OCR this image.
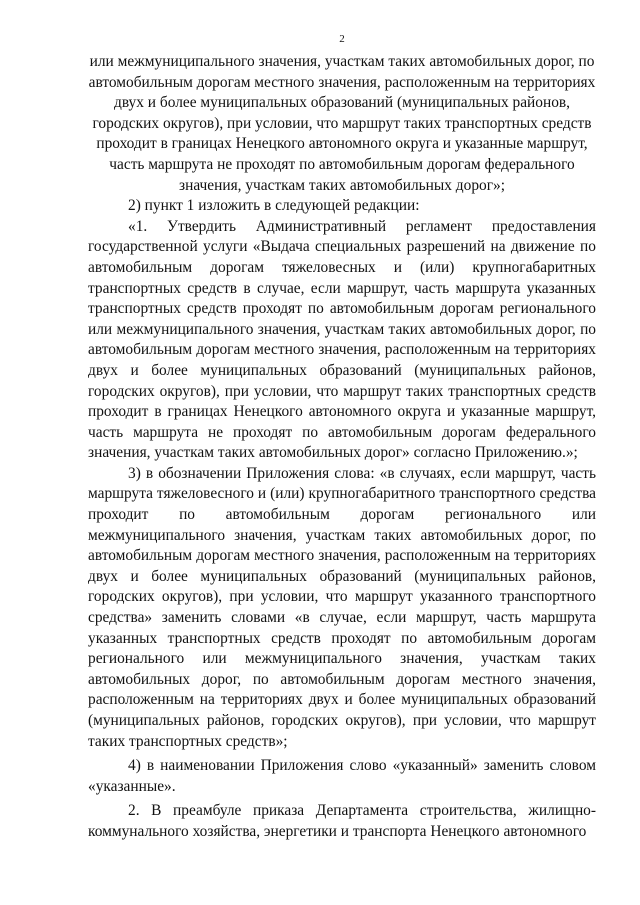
2
или межмуниципального значения, участкам таких автомобильных дорог, по автомобильным дорогам местного значения, расположенным на территориях двух и более муниципальных образований (муниципальных районов, городских округов), при условии, что маршрут таких транспортных средств проходит в границах Ненецкого автономного округа и указанные маршрут, часть маршрута не проходят по автомобильным дорогам федерального значения, участкам таких автомобильных дорог»;

2) пункт 1 изложить в следующей редакции:

«1. Утвердить Административный регламент предоставления государственной услуги «Выдача специальных разрешений на движение по автомобильным дорогам тяжеловесных и (или) крупногабаритных транспортных средств в случае, если маршрут, часть маршрута указанных транспортных средств проходят по автомобильным дорогам регионального или межмуниципального значения, участкам таких автомобильных дорог, по автомобильным дорогам местного значения, расположенным на территориях двух и более муниципальных образований (муниципальных районов, городских округов), при условии, что маршрут таких транспортных средств проходит в границах Ненецкого автономного округа и указанные маршрут, часть маршрута не проходят по автомобильным дорогам федерального значения, участкам таких автомобильных дорог» согласно Приложению.»;

3) в обозначении Приложения слова: «в случаях, если маршрут, часть маршрута тяжеловесного и (или) крупногабаритного транспортного средства проходит по автомобильным дорогам регионального или межмуниципального значения, участкам таких автомобильных дорог, по автомобильным дорогам местного значения, расположенным на территориях двух и более муниципальных образований (муниципальных районов, городских округов), при условии, что маршрут указанного транспортного средства» заменить словами «в случае, если маршрут, часть маршрута указанных транспортных средств проходят по автомобильным дорогам регионального или межмуниципального значения, участкам таких автомобильных дорог, по автомобильным дорогам местного значения, расположенным на территориях двух и более муниципальных образований (муниципальных районов, городских округов), при условии, что маршрут таких транспортных средств»;

4) в наименовании Приложения слово «указанный» заменить словом «указанные».

2. В преамбуле приказа Департамента строительства, жилищно-коммунального хозяйства, энергетики и транспорта Ненецкого автономного
